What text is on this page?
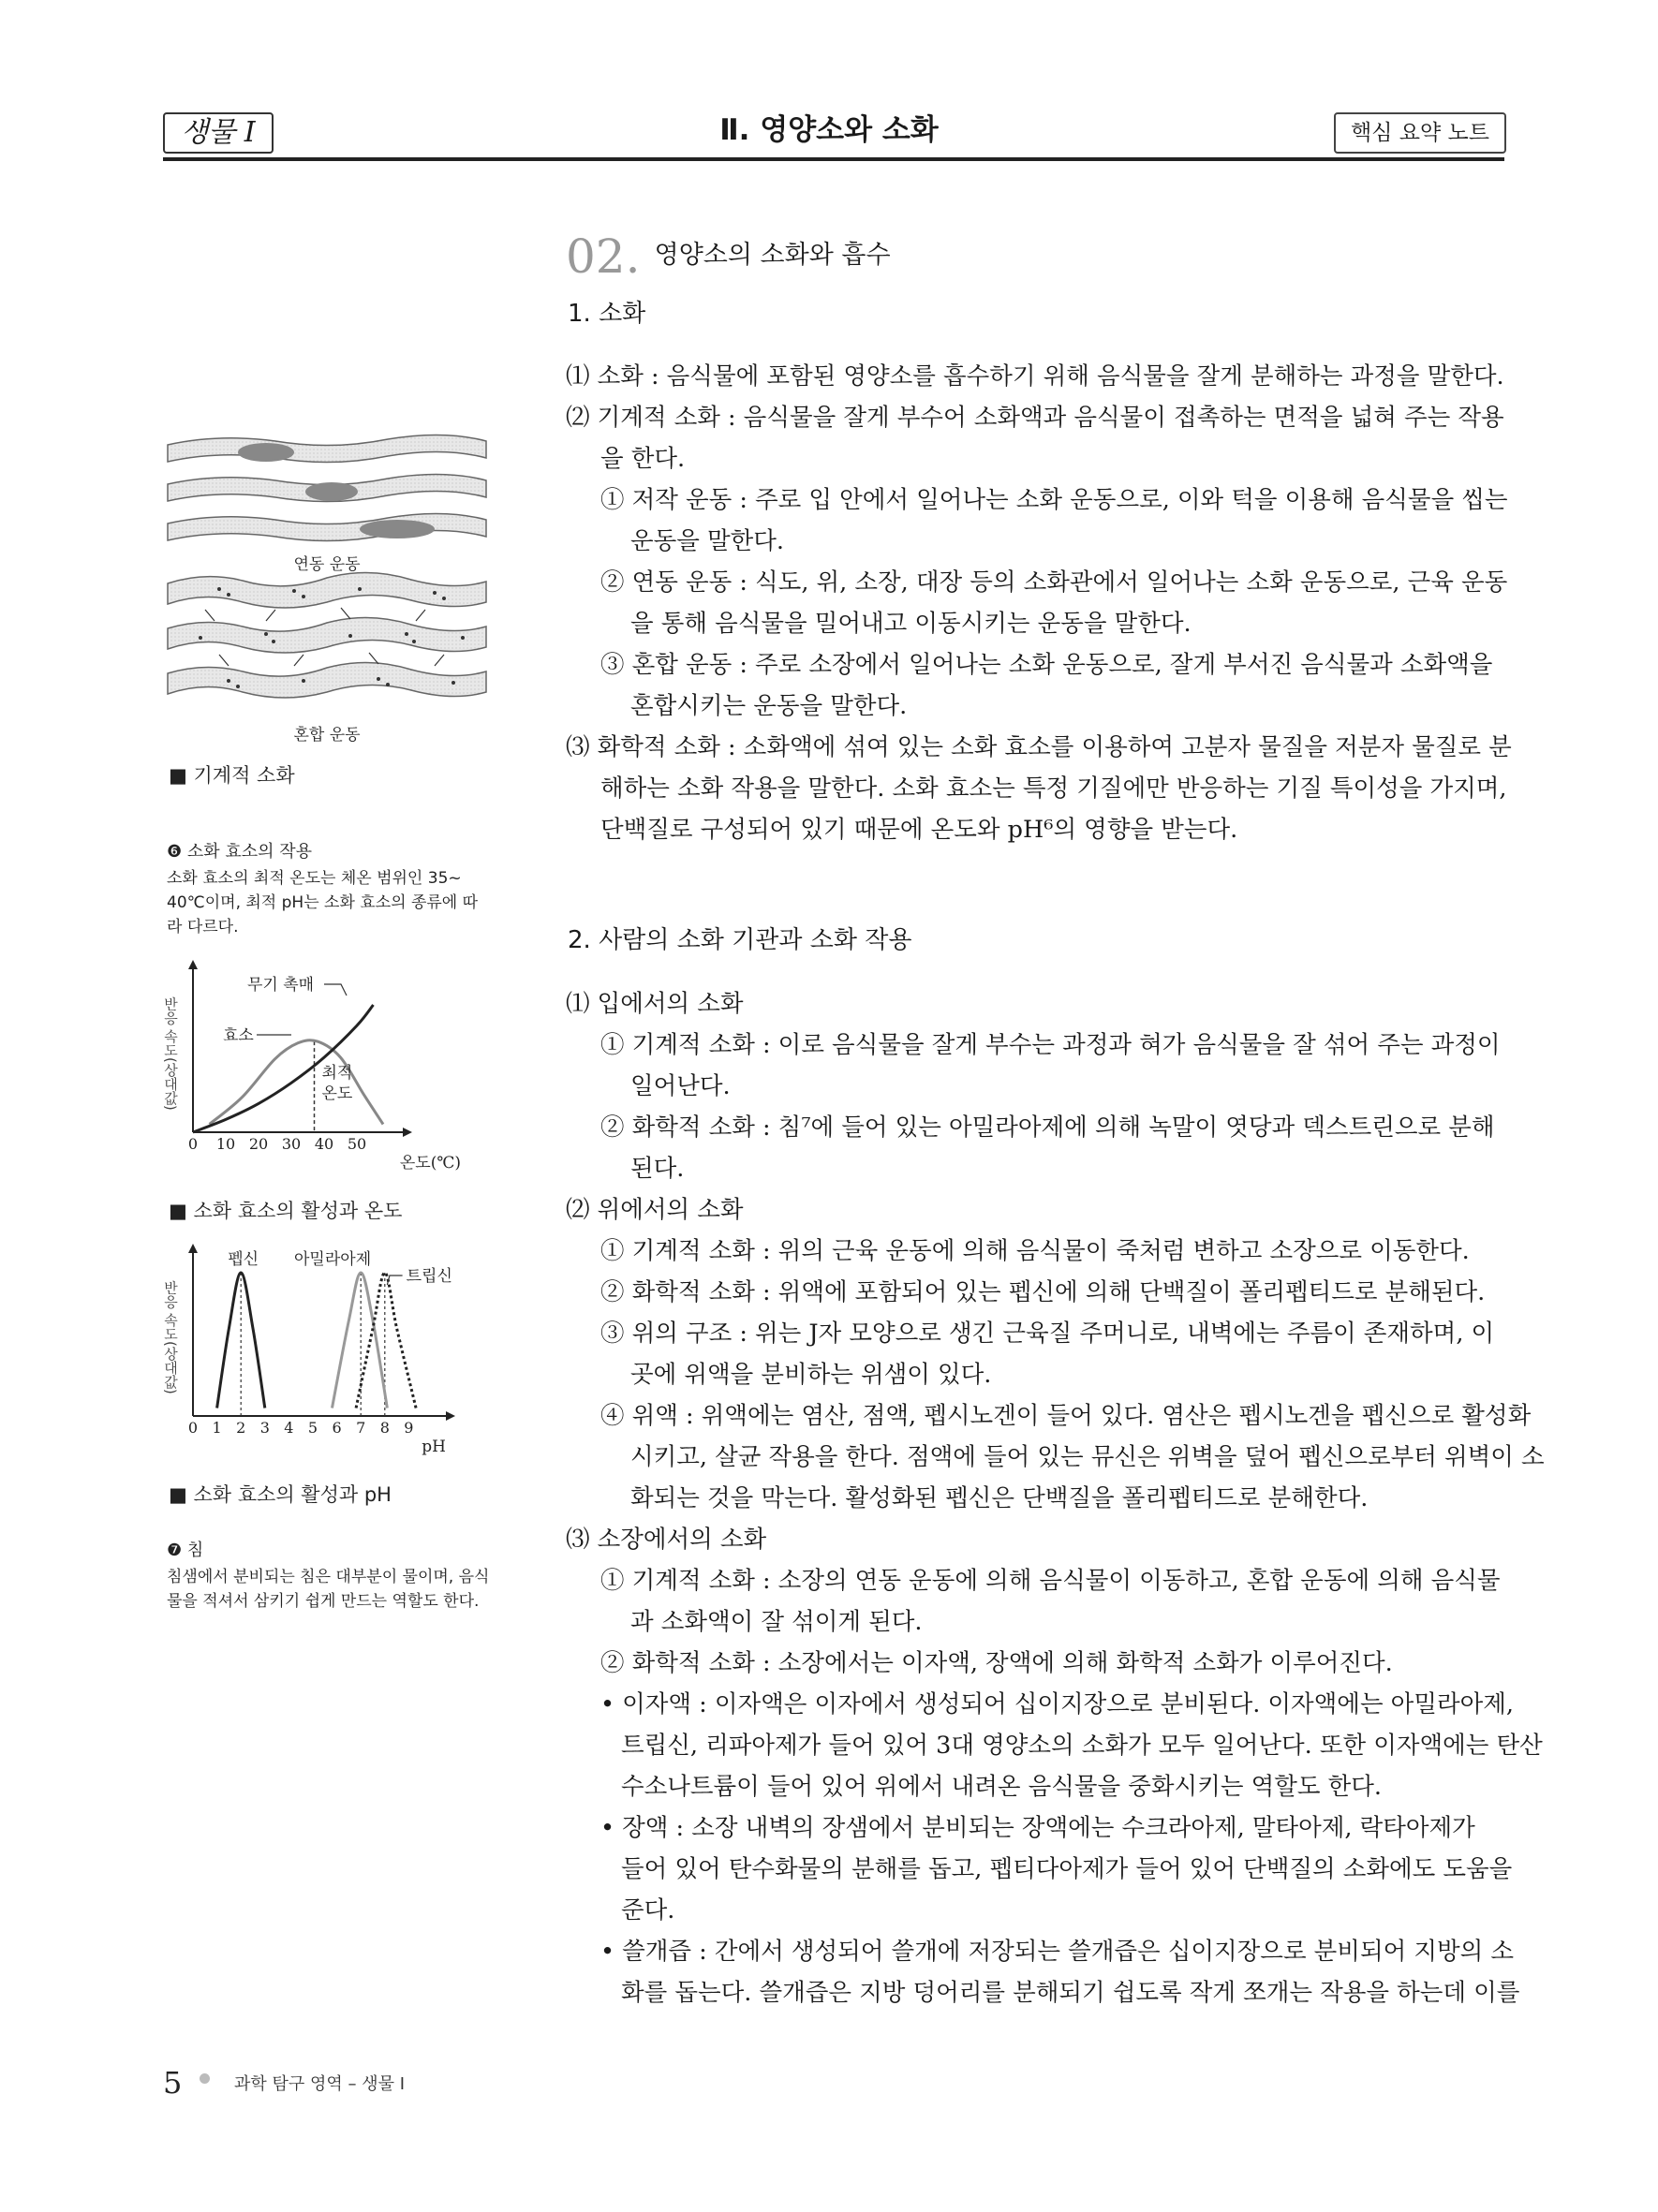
생물 I	Ⅱ. 영양소와 소화	핵심 요약 노트
02. 영양소의 소화와 흡수
1. 소화
⑴ 소화 : 음식물에 포함된 영양소를 흡수하기 위해 음식물을 잘게 분해하는 과정을 말한다.
⑵ 기계적 소화 : 음식물을 잘게 부수어 소화액과 음식물이 접촉하는 면적을 넓혀 주는 작용
을 한다.
① 저작 운동 : 주로 입 안에서 일어나는 소화 운동으로, 이와 턱을 이용해 음식물을 씹는
운동을 말한다.
② 연동 운동 : 식도, 위, 소장, 대장 등의 소화관에서 일어나는 소화 운동으로, 근육 운동
을 통해 음식물을 밀어내고 이동시키는 운동을 말한다.
③ 혼합 운동 : 주로 소장에서 일어나는 소화 운동으로, 잘게 부서진 음식물과 소화액을
혼합시키는 운동을 말한다.
⑶ 화학적 소화 : 소화액에 섞여 있는 소화 효소를 이용하여 고분자 물질을 저분자 물질로 분
해하는 소화 작용을 말한다. 소화 효소는 특정 기질에만 반응하는 기질 특이성을 가지며,
단백질로 구성되어 있기 때문에 온도와 pH⁶의 영향을 받는다.
2. 사람의 소화 기관과 소화 작용
⑴ 입에서의 소화
① 기계적 소화 : 이로 음식물을 잘게 부수는 과정과 혀가 음식물을 잘 섞어 주는 과정이
일어난다.
② 화학적 소화 : 침⁷에 들어 있는 아밀라아제에 의해 녹말이 엿당과 덱스트린으로 분해
된다.
⑵ 위에서의 소화
① 기계적 소화 : 위의 근육 운동에 의해 음식물이 죽처럼 변하고 소장으로 이동한다.
② 화학적 소화 : 위액에 포함되어 있는 펩신에 의해 단백질이 폴리펩티드로 분해된다.
③ 위의 구조 : 위는 J자 모양으로 생긴 근육질 주머니로, 내벽에는 주름이 존재하며, 이
곳에 위액을 분비하는 위샘이 있다.
④ 위액 : 위액에는 염산, 점액, 펩시노겐이 들어 있다. 염산은 펩시노겐을 펩신으로 활성화
시키고, 살균 작용을 한다. 점액에 들어 있는 뮤신은 위벽을 덮어 펩신으로부터 위벽이 소
화되는 것을 막는다. 활성화된 펩신은 단백질을 폴리펩티드로 분해한다.
⑶ 소장에서의 소화
① 기계적 소화 : 소장의 연동 운동에 의해 음식물이 이동하고, 혼합 운동에 의해 음식물
과 소화액이 잘 섞이게 된다.
② 화학적 소화 : 소장에서는 이자액, 장액에 의해 화학적 소화가 이루어진다.
• 이자액 : 이자액은 이자에서 생성되어 십이지장으로 분비된다. 이자액에는 아밀라아제,
트립신, 리파아제가 들어 있어 3대 영양소의 소화가 모두 일어난다. 또한 이자액에는 탄산
수소나트륨이 들어 있어 위에서 내려온 음식물을 중화시키는 역할도 한다.
• 장액 : 소장 내벽의 장샘에서 분비되는 장액에는 수크라아제, 말타아제, 락타아제가
들어 있어 탄수화물의 분해를 돕고, 펩티다아제가 들어 있어 단백질의 소화에도 도움을
준다.
• 쓸개즙 : 간에서 생성되어 쓸개에 저장되는 쓸개즙은 십이지장으로 분비되어 지방의 소
화를 돕는다. 쓸개즙은 지방 덩어리를 분해되기 쉽도록 작게 쪼개는 작용을 하는데 이를
연동 운동
혼합 운동
■ 기계적 소화
❻ 소화 효소의 작용
소화 효소의 최적 온도는 체온 범위인 35~
40℃이며, 최적 pH는 소화 효소의 종류에 따
라 다르다.
반응 속도(상대값)
0 10 20 30 40 50
온도(℃)
무기 촉매
효소
최적
온도
■ 소화 효소의 활성과 온도
반응 속도(상대값)
0 1 2 3 4 5 6 7 8 9
pH
펩신 아밀라아제
트립신
■ 소화 효소의 활성과 pH
❼ 침
침샘에서 분비되는 침은 대부분이 물이며, 음식
물을 적셔서 삼키기 쉽게 만드는 역할도 한다.
5	과학 탐구 영역 – 생물 I
